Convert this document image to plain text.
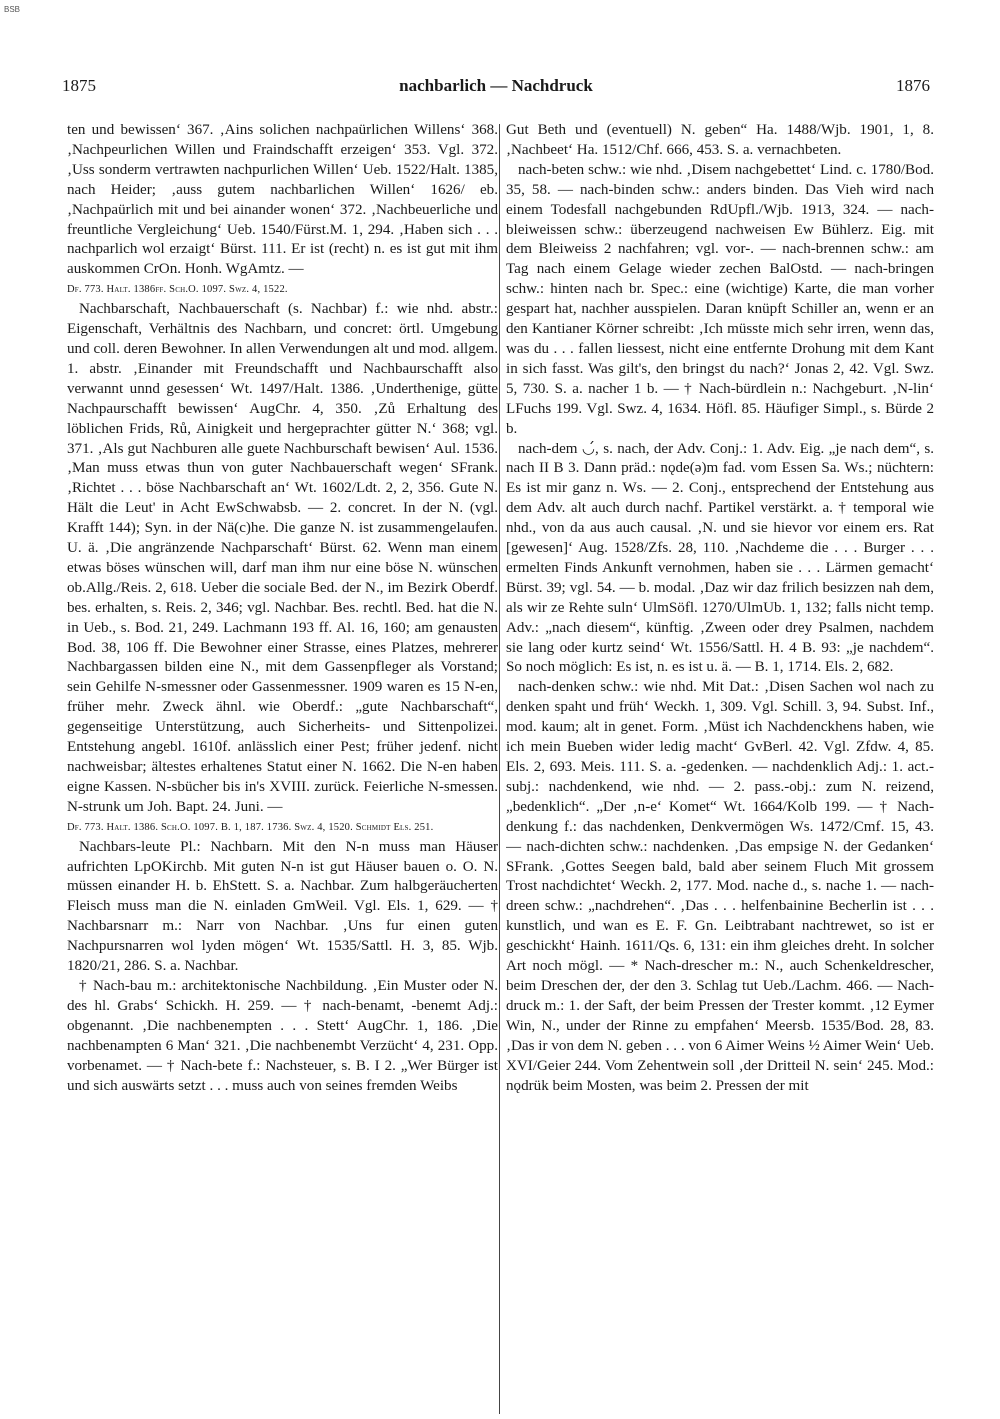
BSB
1875	nachbarlich — Nachdruck	1876

ten und bewissen‘ 367. ‚Ains solichen nachpaürlichen Willens‘ 368. ‚Nachpeurlichen Willen und Fraindschafft erzeigen‘ 353. Vgl. 372. ‚Uss sonderm vertrawten nachpurlichen Willen‘ Ueb. 1522/Halt. 1385, nach Heider; ‚auss gutem nachbarlichen Willen‘ 1626/ eb. ‚Nachpaürlich mit und bei ainander wonen‘ 372. ‚Nachbeuerliche und freuntliche Vergleichung‘ Ueb. 1540/Fürst.M. 1, 294. ‚Haben sich . . . nachparlich wol erzaigt‘ Bürst. 111. Er ist (recht) n. es ist gut mit ihm auskommen CrOn. Honh. WgAmtz. —

Df. 773. Halt. 1386ff. Sch.O. 1097. Swz. 4, 1522.

Nachbarschaft, Nachbauerschaft (s. Nachbar) f.: wie nhd. abstr.: Eigenschaft, Verhältnis des Nachbarn, und concret: örtl. Umgebung und coll. deren Bewohner. In allen Verwendungen alt und mod. allgem. 1. abstr. ‚Einander mit Freundschafft und Nachbaurschafft also verwannt unnd gesessen‘ Wt. 1497/Halt. 1386. ‚Underthenige, gütte Nachpaurschafft bewissen‘ AugChr. 4, 350. ‚Zů Erhaltung des löblichen Frids, Rů, Ainigkeit und hergeprachter gütter N.‘ 368; vgl. 371. ‚Als gut Nachburen alle guete Nachburschaft bewisen‘ Aul. 1536. ‚Man muss etwas thun von guter Nachbauerschaft wegen‘ SFrank. ‚Richtet . . . böse Nachbarschaft an‘ Wt. 1602/Ldt. 2, 2, 356. Gute N. Hält die Leut' in Acht EwSchwabsb. — 2. concret. In der N. (vgl. Krafft 144); Syn. in der Nä(c)he. Die ganze N. ist zusammengelaufen. U. ä. ‚Die angränzende Nachparschaft‘ Bürst. 62. Wenn man einem etwas böses wünschen will, darf man ihm nur eine böse N. wünschen ob.Allg./Reis. 2, 618. Ueber die sociale Bed. der N., im Bezirk Oberdf. bes. erhalten, s. Reis. 2, 346; vgl. Nachbar. Bes. rechtl. Bed. hat die N. in Ueb., s. Bod. 21, 249. Lachmann 193 ff. Al. 16, 160; am genausten Bod. 38, 106 ff. Die Bewohner einer Strasse, eines Platzes, mehrerer Nachbargassen bilden eine N., mit dem Gassenpfleger als Vorstand; sein Gehilfe N-smessner oder Gassenmessner. 1909 waren es 15 N-en, früher mehr. Zweck ähnl. wie Oberdf.: „gute Nachbarschaft“, gegenseitige Unterstützung, auch Sicherheits- und Sittenpolizei. Entstehung angebl. 1610f. anlässlich einer Pest; früher jedenf. nicht nachweisbar; ältestes erhaltenes Statut einer N. 1662. Die N-en haben eigne Kassen. N-sbücher bis in's XVIII. zurück. Feierliche N-smessen. N-strunk um Joh. Bapt. 24. Juni. —

Df. 773. Halt. 1386. Sch.O. 1097. B. 1, 187. 1736. Swz. 4, 1520. Schmidt Els. 251.

Nachbars-leute Pl.: Nachbarn. Mit den N-n muss man Häuser aufrichten LpOKirchb. Mit guten N-n ist gut Häuser bauen o. O. N. müssen einander H. b. EhStett. S. a. Nachbar. Zum halbgeräucherten Fleisch muss man die N. einladen GmWeil. Vgl. Els. 1, 629. — † Nachbarsnarr m.: Narr von Nachbar. ‚Uns fur einen guten Nachpursnarren wol lyden mögen‘ Wt. 1535/Sattl. H. 3, 85. Wjb. 1820/21, 286. S. a. Nachbar.

† Nach-bau m.: architektonische Nachbildung. ‚Ein Muster oder N. des hl. Grabs‘ Schickh. H. 259. — † nach-benamt, -benemt Adj.: obgenannt. ‚Die nachbenempten . . . Stett‘ AugChr. 1, 186. ‚Die nachbenampten 6 Man‘ 321. ‚Die nachbenembt Verzücht‘ 4, 231. Opp. vorbenamet. — † Nach-bete f.: Nachsteuer, s. B. I 2. „Wer Bürger ist und sich auswärts setzt . . . muss auch von seines fremden Weibs

Gut Beth und (eventuell) N. geben“ Ha. 1488/Wjb. 1901, 1, 8. ‚Nachbeet‘ Ha. 1512/Chf. 666, 453. S. a. vernachbeten.

nach-beten schw.: wie nhd. ‚Disem nachgebettet‘ Lind. c. 1780/Bod. 35, 58. — nach-binden schw.: anders binden. Das Vieh wird nach einem Todesfall nachgebunden RdUpfl./Wjb. 1913, 324. — nach-bleiweissen schw.: überzeugend nachweisen Ew Bühlerz. Eig. mit dem Bleiweiss 2 nachfahren; vgl. vor-. — nach-brennen schw.: am Tag nach einem Gelage wieder zechen BalOstd. — nach-bringen schw.: hinten nach br. Spec.: eine (wichtige) Karte, die man vorher gespart hat, nachher ausspielen. Daran knüpft Schiller an, wenn er an den Kantianer Körner schreibt: ‚Ich müsste mich sehr irren, wenn das, was du . . . fallen liessest, nicht eine entfernte Drohung mit dem Kant in sich fasst. Was gilt's, den bringst du nach?‘ Jonas 2, 42. Vgl. Swz. 5, 730. S. a. nacher 1 b. — † Nach-bürdlein n.: Nachgeburt. ‚N-lin‘ LFuchs 199. Vgl. Swz. 4, 1634. Höfl. 85. Häufiger Simpl., s. Bürde 2 b.

nach-dem ◡́, s. nach, der Adv. Conj.: 1. Adv. Eig. „je nach dem“, s. nach II B 3. Dann präd.: nǫde(ə)m fad. vom Essen Sa. Ws.; nüchtern: Es ist mir ganz n. Ws. — 2. Conj., entsprechend der Entstehung aus dem Adv. alt auch durch nachf. Partikel verstärkt. a. † temporal wie nhd., von da aus auch causal. ‚N. und sie hievor vor einem ers. Rat [gewesen]‘ Aug. 1528/Zfs. 28, 110. ‚Nachdeme die . . . Burger . . . ermelten Finds Ankunft vernohmen, haben sie . . . Lärmen gemacht‘ Bürst. 39; vgl. 54. — b. modal. ‚Daz wir daz frilich besizzen nah dem, als wir ze Rehte suln‘ UlmSöfl. 1270/UlmUb. 1, 132; falls nicht temp. Adv.: „nach diesem“, künftig. ‚Zween oder drey Psalmen, nachdem sie lang oder kurtz seind‘ Wt. 1556/Sattl. H. 4 B. 93: „je nachdem“. So noch möglich: Es ist, n. es ist u. ä. — B. 1, 1714. Els. 2, 682.

nach-denken schw.: wie nhd. Mit Dat.: ‚Disen Sachen wol nach zu denken spaht und früh‘ Weckh. 1, 309. Vgl. Schill. 3, 94. Subst. Inf., mod. kaum; alt in genet. Form. ‚Müst ich Nachdenckhens haben, wie ich mein Bueben wider ledig macht‘ GvBerl. 42. Vgl. Zfdw. 4, 85. Els. 2, 693. Meis. 111. S. a. -gedenken. — nachdenklich Adj.: 1. act.-subj.: nachdenkend, wie nhd. — 2. pass.-obj.: zum N. reizend, „bedenklich“. „Der ‚n-e‘ Komet“ Wt. 1664/Kolb 199. — † Nach-denkung f.: das nachdenken, Denkvermögen Ws. 1472/Cmf. 15, 43. — nach-dichten schw.: nachdenken. ‚Das empsige N. der Gedanken‘ SFrank. ‚Gottes Seegen bald, bald aber seinem Fluch Mit grossem Trost nachdichtet‘ Weckh. 2, 177. Mod. nache d., s. nache 1. — nach-dreen schw.: „nachdrehen“. ‚Das . . . helfenbainine Becherlin ist . . . kunstlich, und wan es E. F. Gn. Leibtrabant nachtrewet, so ist er geschickht‘ Hainh. 1611/Qs. 6, 131: ein ihm gleiches dreht. In solcher Art noch mögl. — * Nach-drescher m.: N., auch Schenkeldrescher, beim Dreschen der, der den 3. Schlag tut Ueb./Lachm. 466. — Nach-druck m.: 1. der Saft, der beim Pressen der Trester kommt. ‚12 Eymer Win, N., under der Rinne zu empfahen‘ Meersb. 1535/Bod. 28, 83. ‚Das ir von dem N. geben . . . von 6 Aimer Weins ½ Aimer Wein‘ Ueb. XVI/Geier 244. Vom Zehentwein soll ‚der Dritteil N. sein‘ 245. Mod.: nǫdrük beim Mosten, was beim 2. Pressen der mit
